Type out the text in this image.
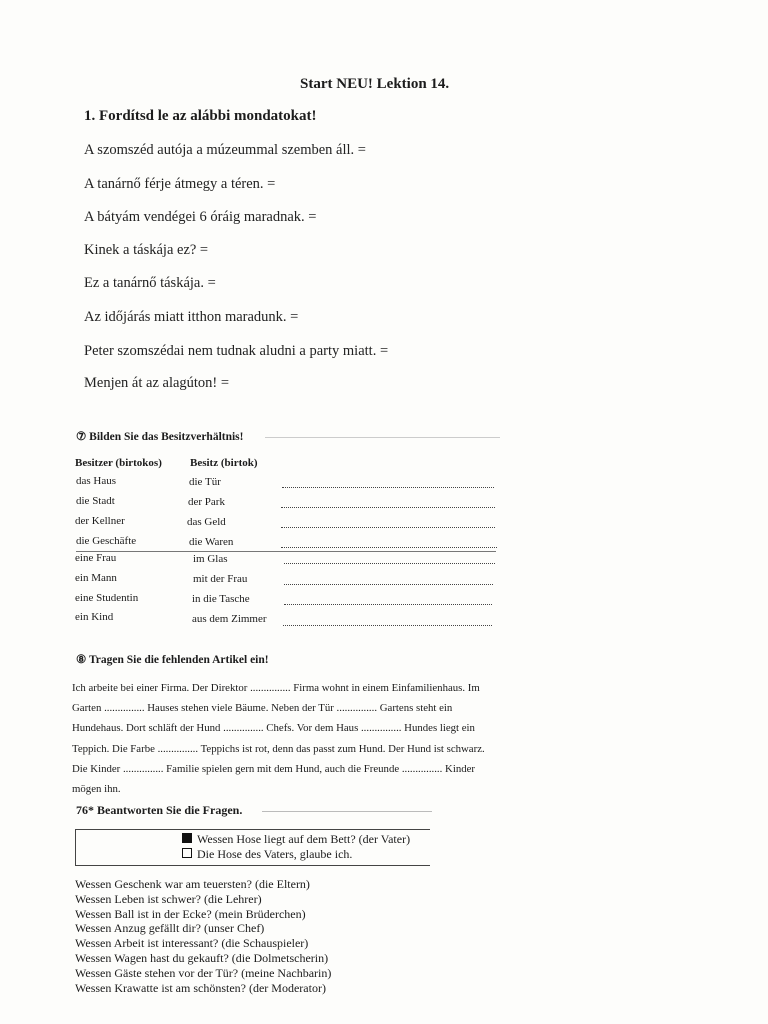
Start NEU! Lektion 14.
1. Fordítsd le az alábbi mondatokat!
A szomszéd autója a múzeummal szemben áll. =
A tanárnő férje átmegy a téren. =
A bátyám vendégei 6 óráig maradnak. =
Kinek a táskája ez? =
Ez a tanárnő táskája. =
Az időjárás miatt itthon maradunk. =
Peter szomszédai nem tudnak aludni a party miatt. =
Menjen át az alagúton! =
⑦ Bilden Sie das Besitzverhältnis!
Besitzer (birtokos)	Besitz (birtok)
das Haus	die Tür
die Stadt	der Park
der Kellner	das Geld
die Geschäfte	die Waren
eine Frau	im Glas
ein Mann	mit der Frau
eine Studentin	in die Tasche
ein Kind	aus dem Zimmer
⑧ Tragen Sie die fehlenden Artikel ein!
Ich arbeite bei einer Firma. Der Direktor ............... Firma wohnt in einem Einfamilienhaus. Im Garten ............... Hauses stehen viele Bäume. Neben der Tür ............... Gartens steht ein Hundehaus. Dort schläft der Hund ............... Chefs. Vor dem Haus ............... Hundes liegt ein Teppich. Die Farbe ............... Teppichs ist rot, denn das passt zum Hund. Der Hund ist schwarz. Die Kinder ............... Familie spielen gern mit dem Hund, auch die Freunde ............... Kinder mögen ihn.
76* Beantworten Sie die Fragen.
Wessen Hose liegt auf dem Bett? (der Vater)
Die Hose des Vaters, glaube ich.
Wessen Geschenk war am teuersten? (die Eltern)
Wessen Leben ist schwer? (die Lehrer)
Wessen Ball ist in der Ecke? (mein Brüderchen)
Wessen Anzug gefällt dir? (unser Chef)
Wessen Arbeit ist interessant? (die Schauspieler)
Wessen Wagen hast du gekauft? (die Dolmetscherin)
Wessen Gäste stehen vor der Tür? (meine Nachbarin)
Wessen Krawatte ist am schönsten? (der Moderator)
